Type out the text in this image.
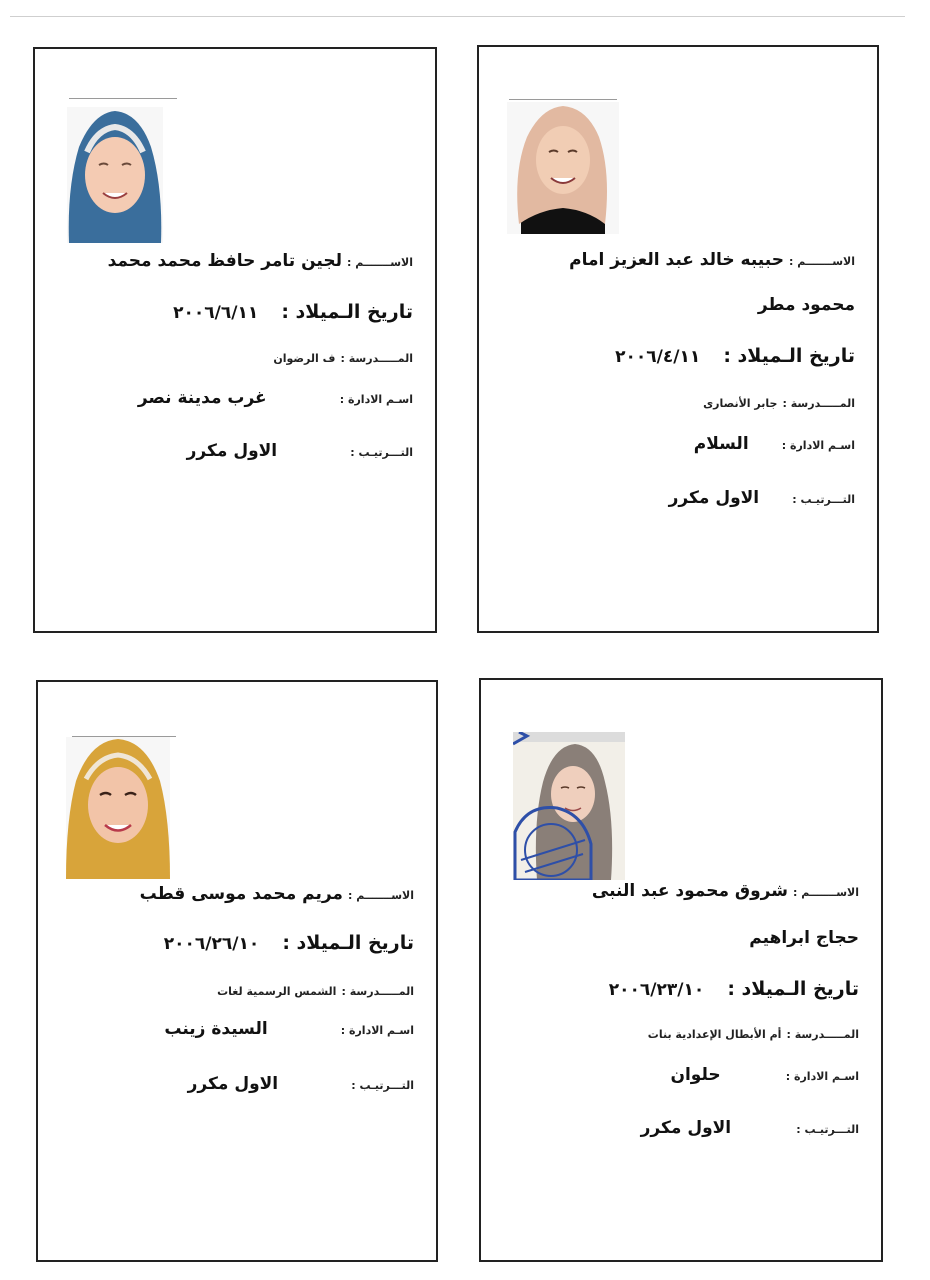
الاســـــــم : حبيبه خالد عبد العزيز امام
محمود مطر
تاريخ الـميلاد : ٢٠٠٦/٤/١١
المـــــدرسة : جابر الأنصارى
اسـم الادارة : السلام
التـــرتيـب : الاول مكرر
الاســـــــم : لجين تامر حافظ محمد محمد
تاريخ الـميلاد : ٢٠٠٦/٦/١١
المـــــدرسة : ف الرضوان
اسـم الادارة : غرب مدينة نصر
التـــرتيـب : الاول مكرر
الاســـــــم : شروق محمود عبد النبى
حجاج ابراهيم
تاريخ الـميلاد : ٢٠٠٦/٢٣/١٠
المـــــدرسة : أم الأبطال الإعدادية بنات
اسـم الادارة : حلوان
التـــرتيـب : الاول مكرر
الاســـــــم : مريم محمد موسى قطب
تاريخ الـميلاد : ٢٠٠٦/٢٦/١٠
المـــــدرسة : الشمس الرسمية لغات
اسـم الادارة : السيدة زينب
التـــرتيـب : الاول مكرر
